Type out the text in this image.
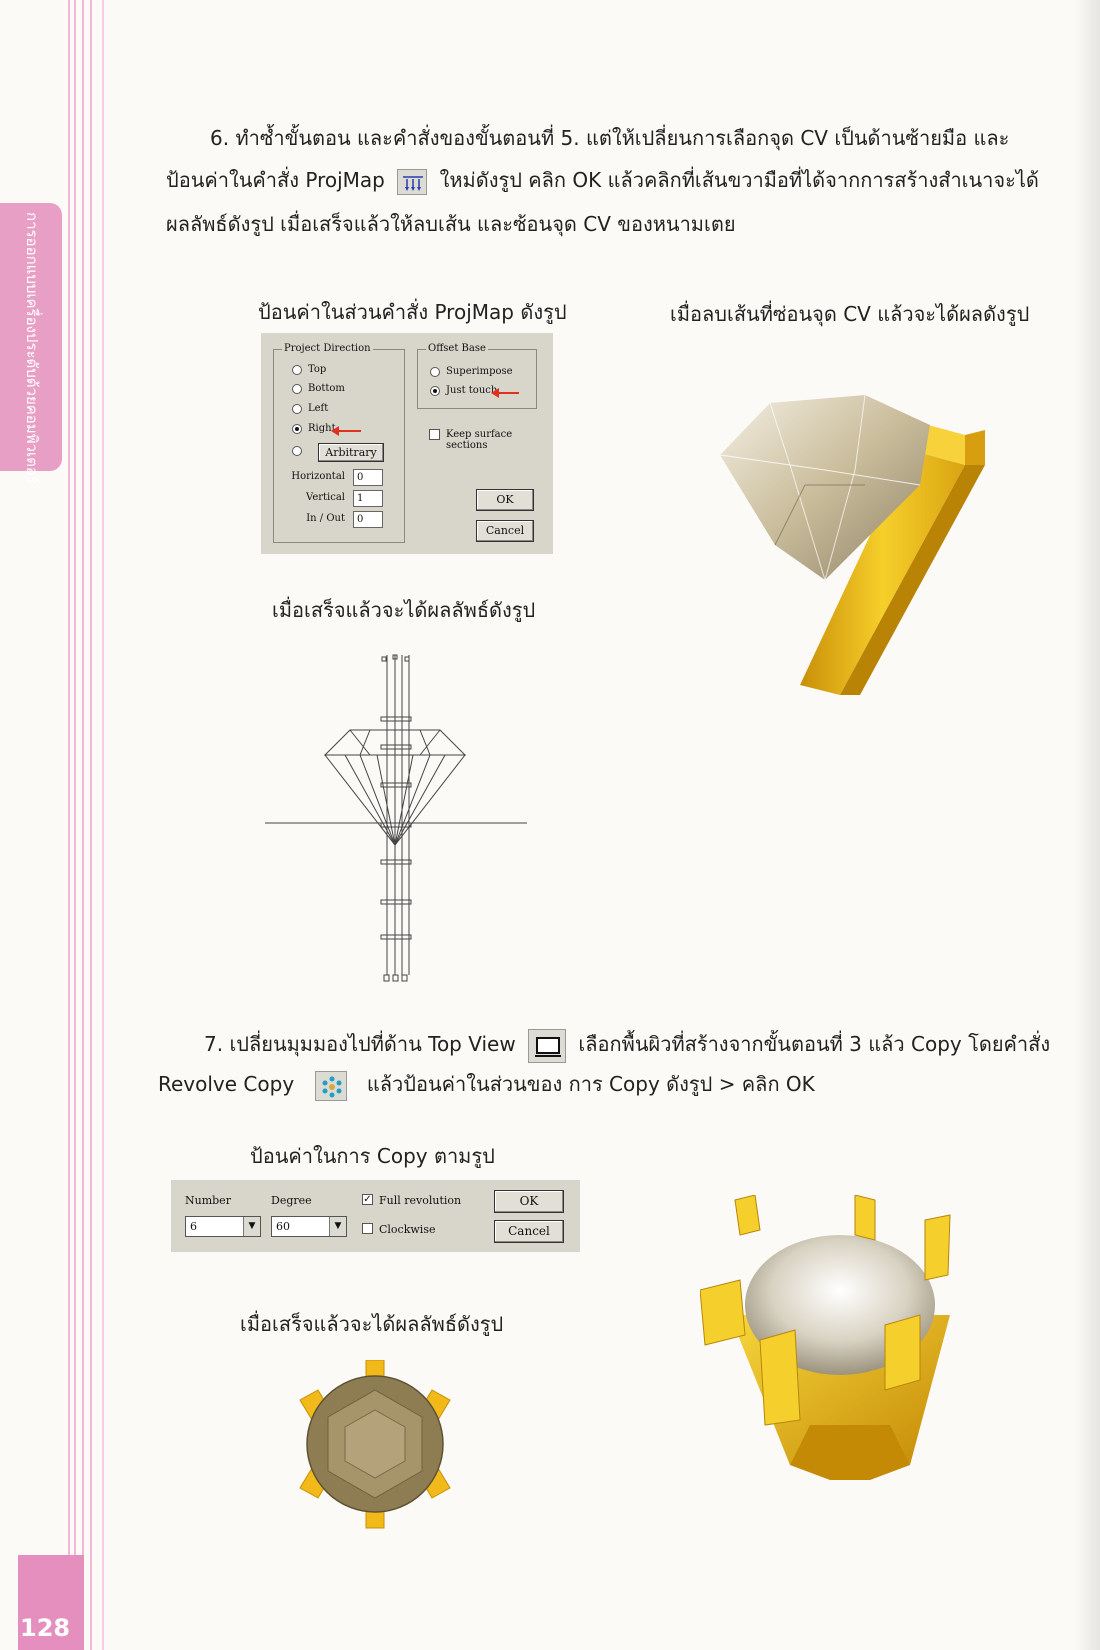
การออกแบบเครื่องประดับด้วยคอมพิวเตอร์
128
6. ทำซ้ำขั้นตอน และคำสั่งของขั้นตอนที่ 5. แต่ให้เปลี่ยนการเลือกจุด CV เป็นด้านซ้ายมือ และ
ป้อนค่าในคำสั่ง ProjMap	ใหม่ดังรูป คลิก OK แล้วคลิกที่เส้นขวามือที่ได้จากการสร้างสำเนาจะได้
ผลลัพธ์ดังรูป เมื่อเสร็จแล้วให้ลบเส้น และซ้อนจุด CV ของหนามเตย
ป้อนค่าในส่วนคำสั่ง ProjMap ดังรูป	เมื่อลบเส้นที่ซ่อนจุด CV แล้วจะได้ผลดังรูป
เมื่อเสร็จแล้วจะได้ผลลัพธ์ดังรูป
Project Direction
Top
Bottom
Left
Right
Arbitrary
Horizontal	0
Vertical	1
In / Out	0
Offset Base
Superimpose
Just touch
Keep surface
sections
OK
Cancel
7. เปลี่ยนมุมมองไปที่ด้าน Top View	เลือกพื้นผิวที่สร้างจากขั้นตอนที่ 3 แล้ว Copy โดยคำสั่ง
Revolve Copy	แล้วป้อนค่าในส่วนของ การ Copy ดังรูป > คลิก OK
ป้อนค่าในการ Copy ตามรูป
เมื่อเสร็จแล้วจะได้ผลลัพธ์ดังรูป
Number
6	▼
Degree
60	▼
✓ Full revolution
Clockwise
OK
Cancel
